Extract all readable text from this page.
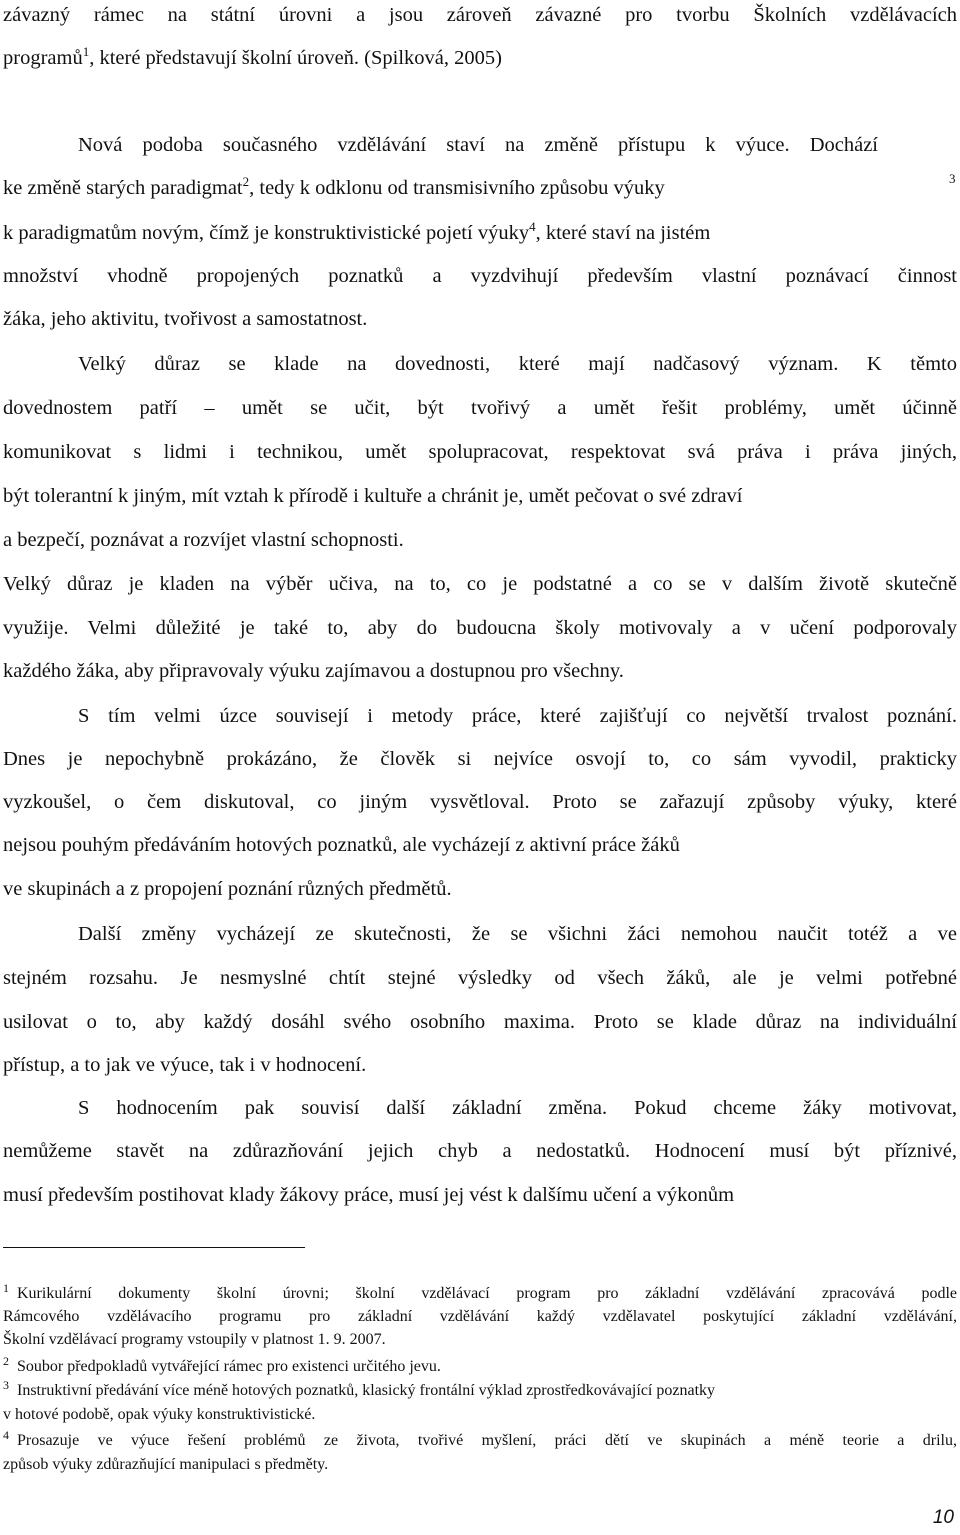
závazný rámec na státní úrovni a jsou zároveň závazné pro tvorbu Školních vzdělávacích
programů$^1$, které představují školní úroveň. (Spilková, 2005)
Nová podoba současného vzdělávání staví na změně přístupu k výuce. Dochází
ke změně starých paradigmat$^2$, tedy k odklonu od transmisivního způsobu výuky	3
k paradigmatům novým, čímž je konstruktivistické pojetí výuky$^4$, které staví na jistém
množství vhodně propojených poznatků a vyzdvihují především vlastní poznávací činnost
žáka, jeho aktivitu, tvořivost a samostatnost.
Velký důraz se klade na dovednosti, které mají nadčasový význam. K těmto
dovednostem patří – umět se učit, být tvořivý a umět řešit problémy, umět účinně
komunikovat s lidmi i technikou, umět spolupracovat, respektovat svá práva i práva jiných,
být tolerantní k jiným, mít vztah k přírodě i kultuře a chránit je, umět pečovat o své zdraví
a bezpečí, poznávat a rozvíjet vlastní schopnosti.
Velký důraz je kladen na výběr učiva, na to, co je podstatné a co se v dalším životě skutečně
využije. Velmi důležité je také to, aby do budoucna školy motivovaly a v učení podporovaly
každého žáka, aby připravovaly výuku zajímavou a dostupnou pro všechny.
S tím velmi úzce souvisejí i metody práce, které zajišťují co největší trvalost poznání.
Dnes je nepochybně prokázáno, že člověk si nejvíce osvojí to, co sám vyvodil, prakticky
vyzkoušel, o čem diskutoval, co jiným vysvětloval. Proto se zařazují způsoby výuky, které
nejsou pouhým předáváním hotových poznatků, ale vycházejí z aktivní práce žáků
ve skupinách a z propojení poznání různých předmětů.
Další změny vycházejí ze skutečnosti, že se všichni žáci nemohou naučit totéž a ve
stejném rozsahu. Je nesmyslné chtít stejné výsledky od všech žáků, ale je velmi potřebné
usilovat o to, aby každý dosáhl svého osobního maxima. Proto se klade důraz na individuální
přístup, a to jak ve výuce, tak i v hodnocení.
S hodnocením pak souvisí další základní změna. Pokud chceme žáky motivovat,
nemůžeme stavět na zdůrazňování jejich chyb a nedostatků. Hodnocení musí být příznivé,
musí především postihovat klady žákovy práce, musí jej vést k dalšímu učení a výkonům
$^1$ Kurikulární dokumenty školní úrovni; školní vzdělávací program pro základní vzdělávání zpracovává podle
Rámcového vzdělávacího programu pro základní vzdělávání každý vzdělavatel poskytující základní vzdělávání,
Školní vzdělávací programy vstoupily v platnost 1. 9. 2007.
$^2$ Soubor předpokladů vytvářející rámec pro existenci určitého jevu.
$^3$ Instruktivní předávání více méně hotových poznatků, klasický frontální výklad zprostředkovávající poznatky
v hotové podobě, opak výuky konstruktivistické.
$^4$ Prosazuje ve výuce řešení problémů ze života, tvořivé myšlení, práci dětí ve skupinách a méně teorie a drilu,
způsob výuky zdůrazňující manipulaci s předměty.
10
